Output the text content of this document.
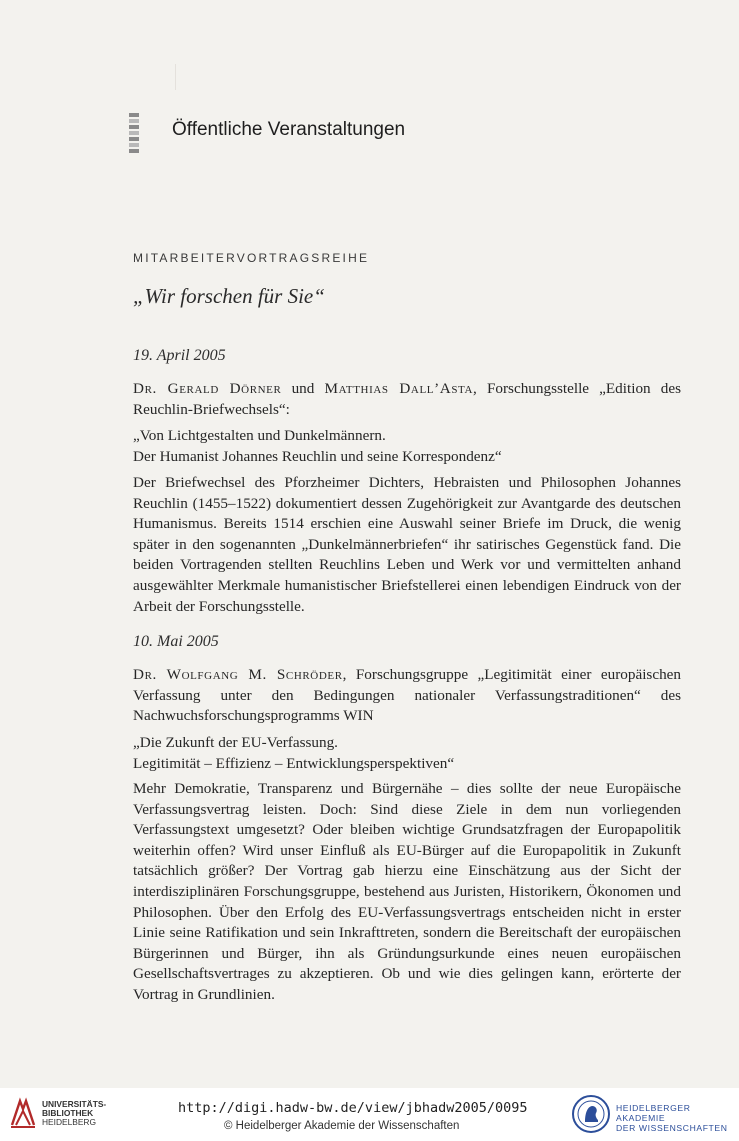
Öffentliche Veranstaltungen
MITARBEITERVORTRAGSREIHE
„Wir forschen für Sie“
19. April 2005

Dr. Gerald Dörner und Matthias Dall’Asta, Forschungsstelle „Edition des Reuchlin-Briefwechsels“:

„Von Lichtgestalten und Dunkelmännern.

Der Humanist Johannes Reuchlin und seine Korrespondenz“

Der Briefwechsel des Pforzheimer Dichters, Hebraisten und Philosophen Johannes Reuchlin (1455–1522) dokumentiert dessen Zugehörigkeit zur Avantgarde des deutschen Humanismus. Bereits 1514 erschien eine Auswahl seiner Briefe im Druck, die wenig später in den sogenannten „Dunkelmännerbriefen“ ihr satirisches Gegenstück fand. Die beiden Vortragenden stellten Reuchlins Leben und Werk vor und vermittelten anhand ausgewählter Merkmale humanistischer Briefstellerei einen lebendigen Eindruck von der Arbeit der Forschungsstelle.

10. Mai 2005

Dr. Wolfgang M. Schröder, Forschungsgruppe „Legitimität einer europäischen Verfassung unter den Bedingungen nationaler Verfassungstraditionen“ des Nachwuchsforschungsprogramms WIN

„Die Zukunft der EU-Verfassung.

Legitimität – Effizienz – Entwicklungsperspektiven“

Mehr Demokratie, Transparenz und Bürgernähe – dies sollte der neue Europäische Verfassungsvertrag leisten. Doch: Sind diese Ziele in dem nun vorliegenden Verfassungstext umgesetzt? Oder bleiben wichtige Grundsatzfragen der Europapolitik weiterhin offen? Wird unser Einfluß als EU-Bürger auf die Europapolitik in Zukunft tatsächlich größer? Der Vortrag gab hierzu eine Einschätzung aus der Sicht der interdisziplinären Forschungsgruppe, bestehend aus Juristen, Historikern, Ökonomen und Philosophen. Über den Erfolg des EU-Verfassungsvertrags entscheiden nicht in erster Linie seine Ratifikation und sein Inkrafttreten, sondern die Bereitschaft der europäischen Bürgerinnen und Bürger, ihn als Gründungsurkunde eines neuen europäischen Gesellschaftsvertrages zu akzeptieren. Ob und wie dies gelingen kann, erörterte der Vortrag in Grundlinien.

UNIVERSITÄTS-
BIBLIOTHEK
HEIDELBERG
http://digi.hadw-bw.de/view/jbhadw2005/0095
© Heidelberger Akademie der Wissenschaften
HEIDELBERGER AKADEMIE
DER WISSENSCHAFTEN
